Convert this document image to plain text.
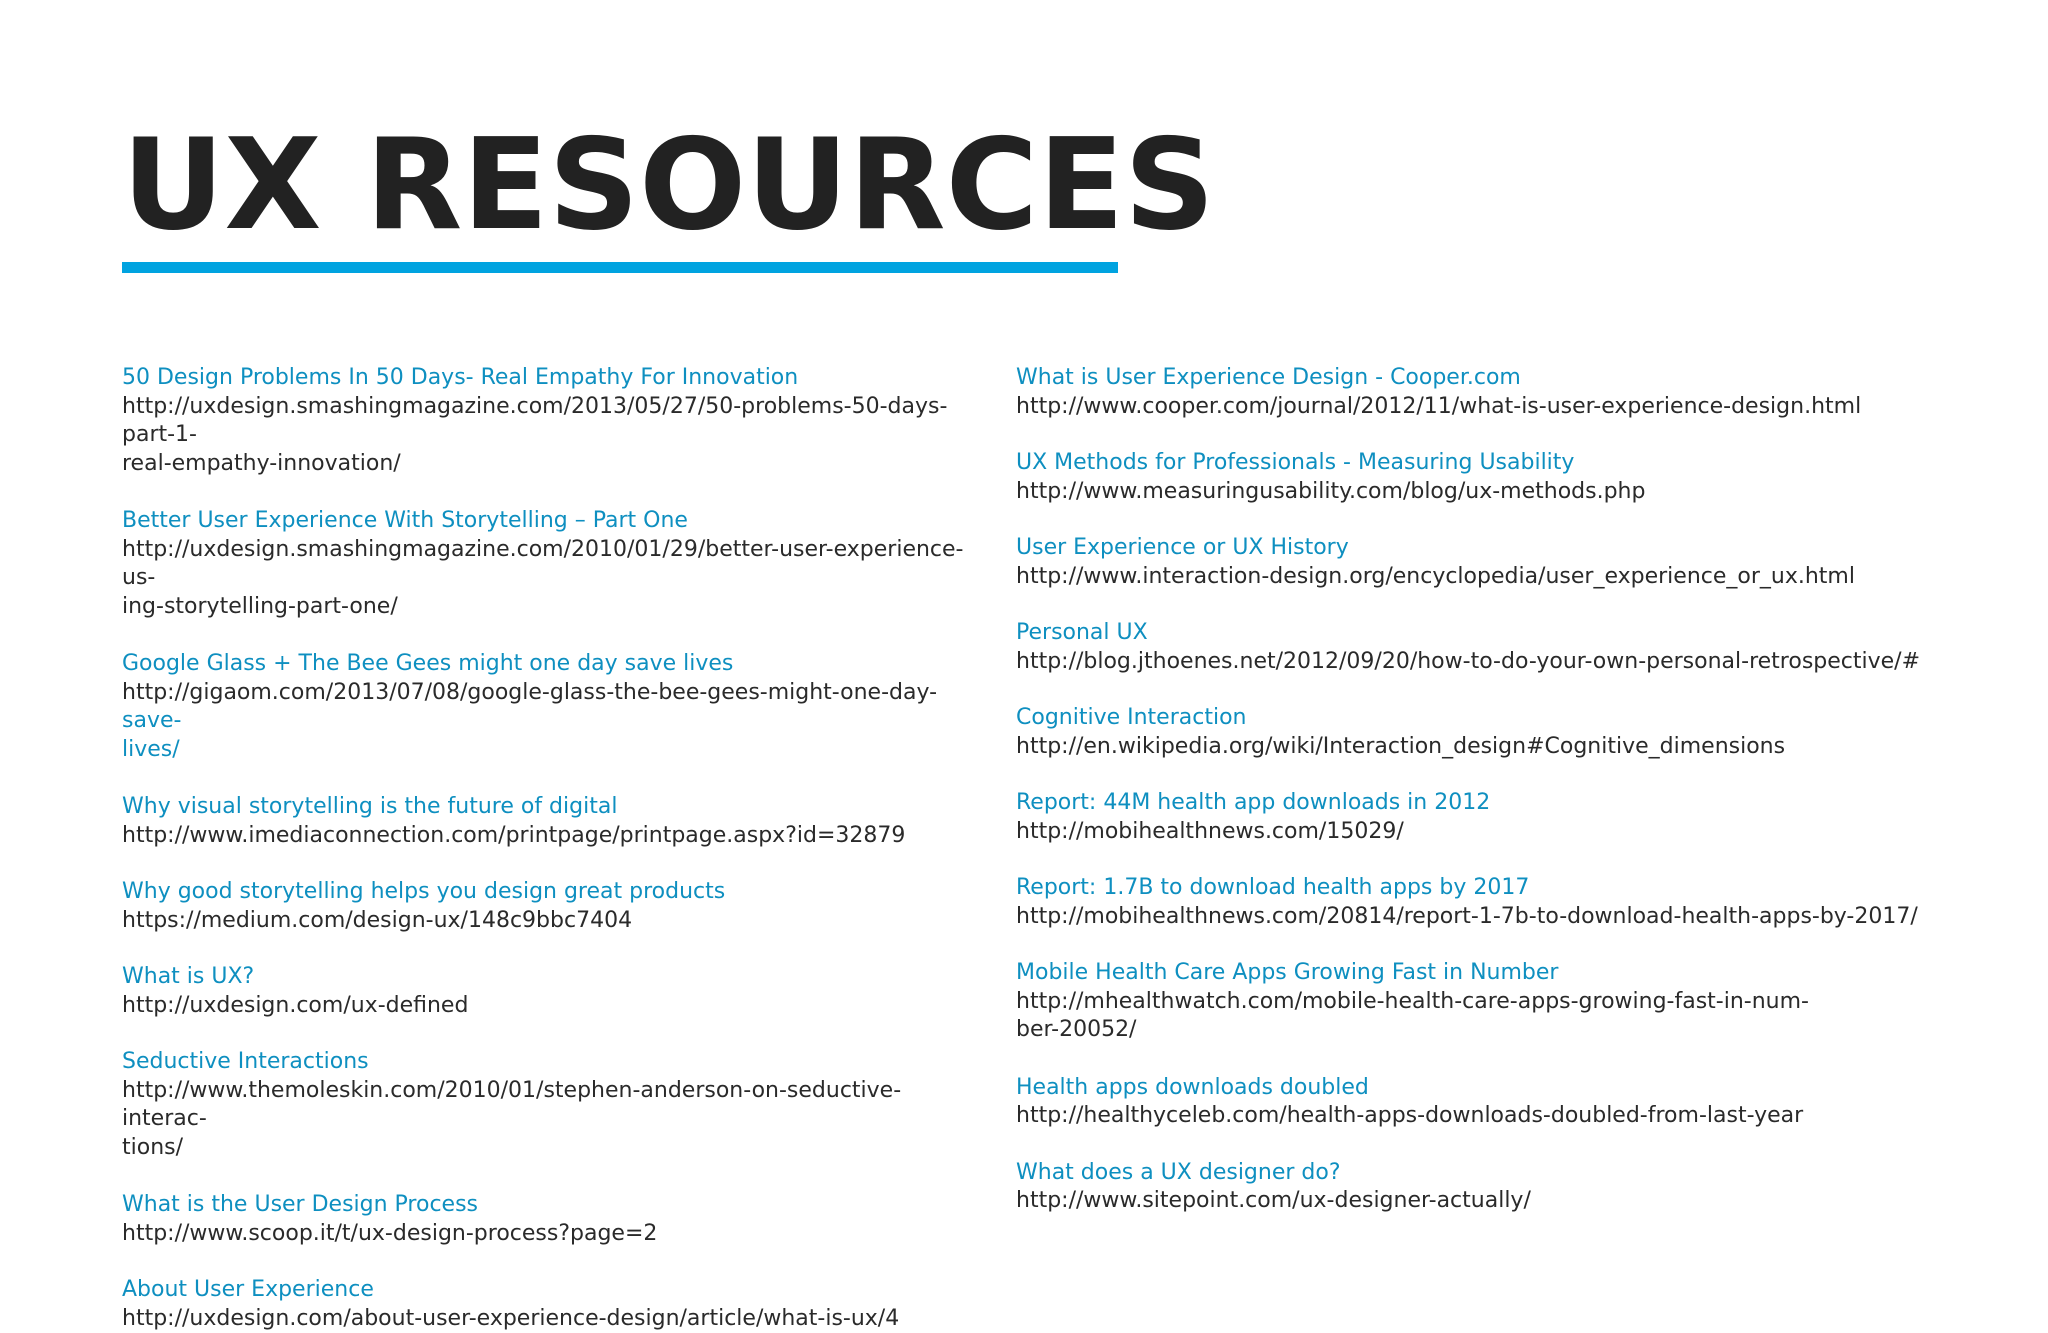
UX RESOURCES
50 Design Problems In 50 Days- Real Empathy For Innovation
http://uxdesign.smashingmagazine.com/2013/05/27/50-problems-50-days-part-1-
real-empathy-innovation/
Better User Experience With Storytelling – Part One
http://uxdesign.smashingmagazine.com/2010/01/29/better-user-experience-us-
ing-storytelling-part-one/
Google Glass + The Bee Gees might one day save lives
http://gigaom.com/2013/07/08/google-glass-the-bee-gees-might-one-day-save-
lives/
Why visual storytelling is the future of digital
http://www.imediaconnection.com/printpage/printpage.aspx?id=32879
Why good storytelling helps you design great products
https://medium.com/design-ux/148c9bbc7404
What is UX?
http://uxdesign.com/ux-defined
Seductive Interactions
http://www.themoleskin.com/2010/01/stephen-anderson-on-seductive-interac-
tions/
What is the User Design Process
http://www.scoop.it/t/ux-design-process?page=2
About User Experience
http://uxdesign.com/about-user-experience-design/article/what-is-ux/4
What is User Experience Design - Cooper.com
http://www.cooper.com/journal/2012/11/what-is-user-experience-design.html
UX Methods for Professionals - Measuring Usability
http://www.measuringusability.com/blog/ux-methods.php
User Experience or UX History
http://www.interaction-design.org/encyclopedia/user_experience_or_ux.html
Personal UX
http://blog.jthoenes.net/2012/09/20/how-to-do-your-own-personal-retrospective/#
Cognitive Interaction
http://en.wikipedia.org/wiki/Interaction_design#Cognitive_dimensions
Report: 44M health app downloads in 2012
http://mobihealthnews.com/15029/
Report: 1.7B to download health apps by 2017
http://mobihealthnews.com/20814/report-1-7b-to-download-health-apps-by-2017/
Mobile Health Care Apps Growing Fast in Number
http://mhealthwatch.com/mobile-health-care-apps-growing-fast-in-num-
ber-20052/
Health apps downloads doubled
http://healthyceleb.com/health-apps-downloads-doubled-from-last-year
What does a UX designer do?
http://www.sitepoint.com/ux-designer-actually/
